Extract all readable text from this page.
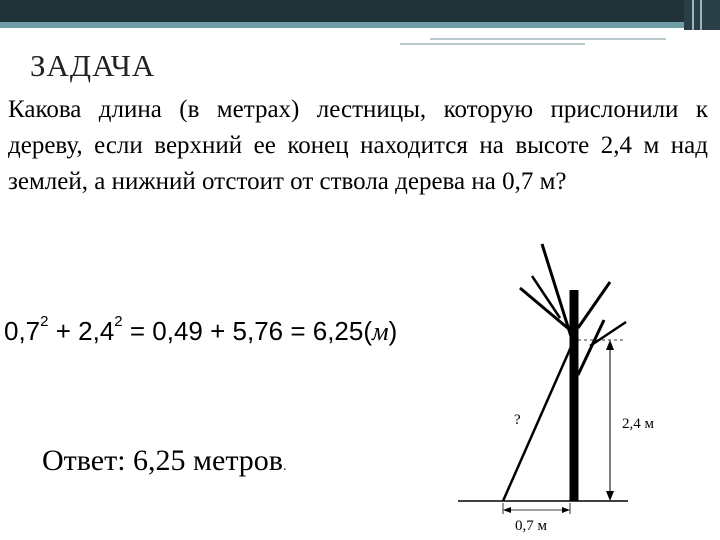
ЗАДАЧА

Какова длина (в метрах) лестницы, которую прислонили к дереву, если верхний ее конец находится на высоте 2,4 м над землей, а нижний отстоит от ствола дерева на 0,7 м?

$0,7^2 + 2,4^2 = 0,49 + 5,76 = 6,25(м)$
Ответ: 6,25 метров.
2,4 м
?
0,7 м
